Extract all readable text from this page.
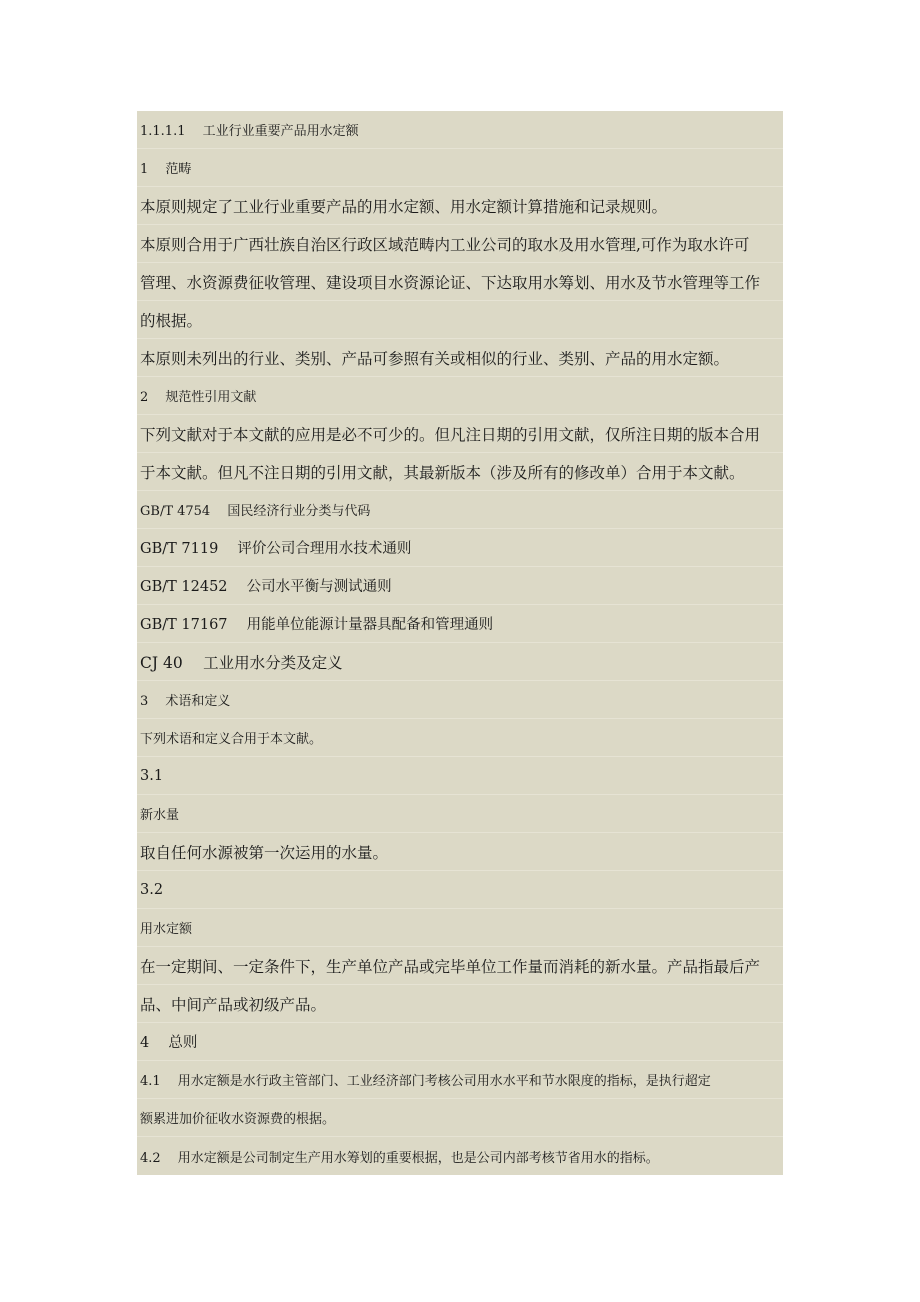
1.1.1.1　 工业行业重要产品用水定额
1　 范畴
本原则规定了工业行业重要产品的用水定额、用水定额计算措施和记录规则。
本原则合用于广西壮族自治区行政区域范畴内工业公司的取水及用水管理,可作为取水许可
管理、水资源费征收管理、建设项目水资源论证、下达取用水筹划、用水及节水管理等工作
的根据。
本原则未列出的行业、类别、产品可参照有关或相似的行业、类别、产品的用水定额。
2　 规范性引用文献
下列文献对于本文献的应用是必不可少的。但凡注日期的引用文献，仅所注日期的版本合用
于本文献。但凡不注日期的引用文献，其最新版本（涉及所有的修改单）合用于本文献。
GB/T 4754　 国民经济行业分类与代码
GB/T 7119　 评价公司合理用水技术通则
GB/T 12452　 公司水平衡与测试通则
GB/T 17167　 用能单位能源计量器具配备和管理通则
CJ 40　 工业用水分类及定义
3　 术语和定义
下列术语和定义合用于本文献。
3.1
新水量
取自任何水源被第一次运用的水量。
3.2
用水定额
在一定期间、一定条件下，生产单位产品或完毕单位工作量而消耗的新水量。产品指最后产
品、中间产品或初级产品。
4　 总则
4.1　 用水定额是水行政主管部门、工业经济部门考核公司用水水平和节水限度的指标，是执行超定
额累进加价征收水资源费的根据。
4.2　 用水定额是公司制定生产用水筹划的重要根据，也是公司内部考核节省用水的指标。
